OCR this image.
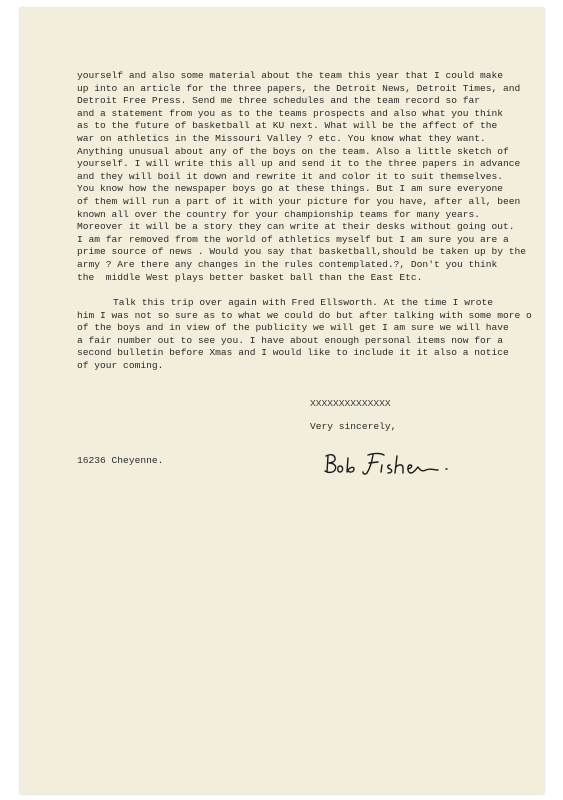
yourself and also some material about the team this year that I could make
up into an article for the three papers, the Detroit News, Detroit Times, and
Detroit Free Press. Send me three schedules and the team record so far
and a statement from you as to the teams prospects and also what you think
as to the future of basketball at KU next. What will be the affect of the
war on athletics in the Missouri Valley ? etc. You know what they want.
Anything unusual about any of the boys on the team. Also a little sketch of
yourself. I will write this all up and send it to the three papers in advance
and they will boil it down and rewrite it and color it to suit themselves.
You know how the newspaper boys go at these things. But I am sure everyone
of them will run a part of it with your picture for you have, after all, been
known all over the country for your championship teams for many years.
Moreover it will be a story they can write at their desks without going out.
I am far removed from the world of athletics myself but I am sure you are a
prime source of news . Would you say that basketball,should be taken up by the
army ? Are there any changes in the rules contemplated.?, Don't you think
the  middle West plays better basket ball than the East Etc.
Talk this trip over again with Fred Ellsworth. At the time I wrote
him I was not so sure as to what we could do but after talking with some more o
of the boys and in view of the publicity we will get I am sure we will have
a fair number out to see you. I have about enough personal items now for a
second bulletin before Xmas and I would like to include it it also a notice
of your coming.
XXXXXXXXXXXXXX
Very sincerely,
16236 Cheyenne.
